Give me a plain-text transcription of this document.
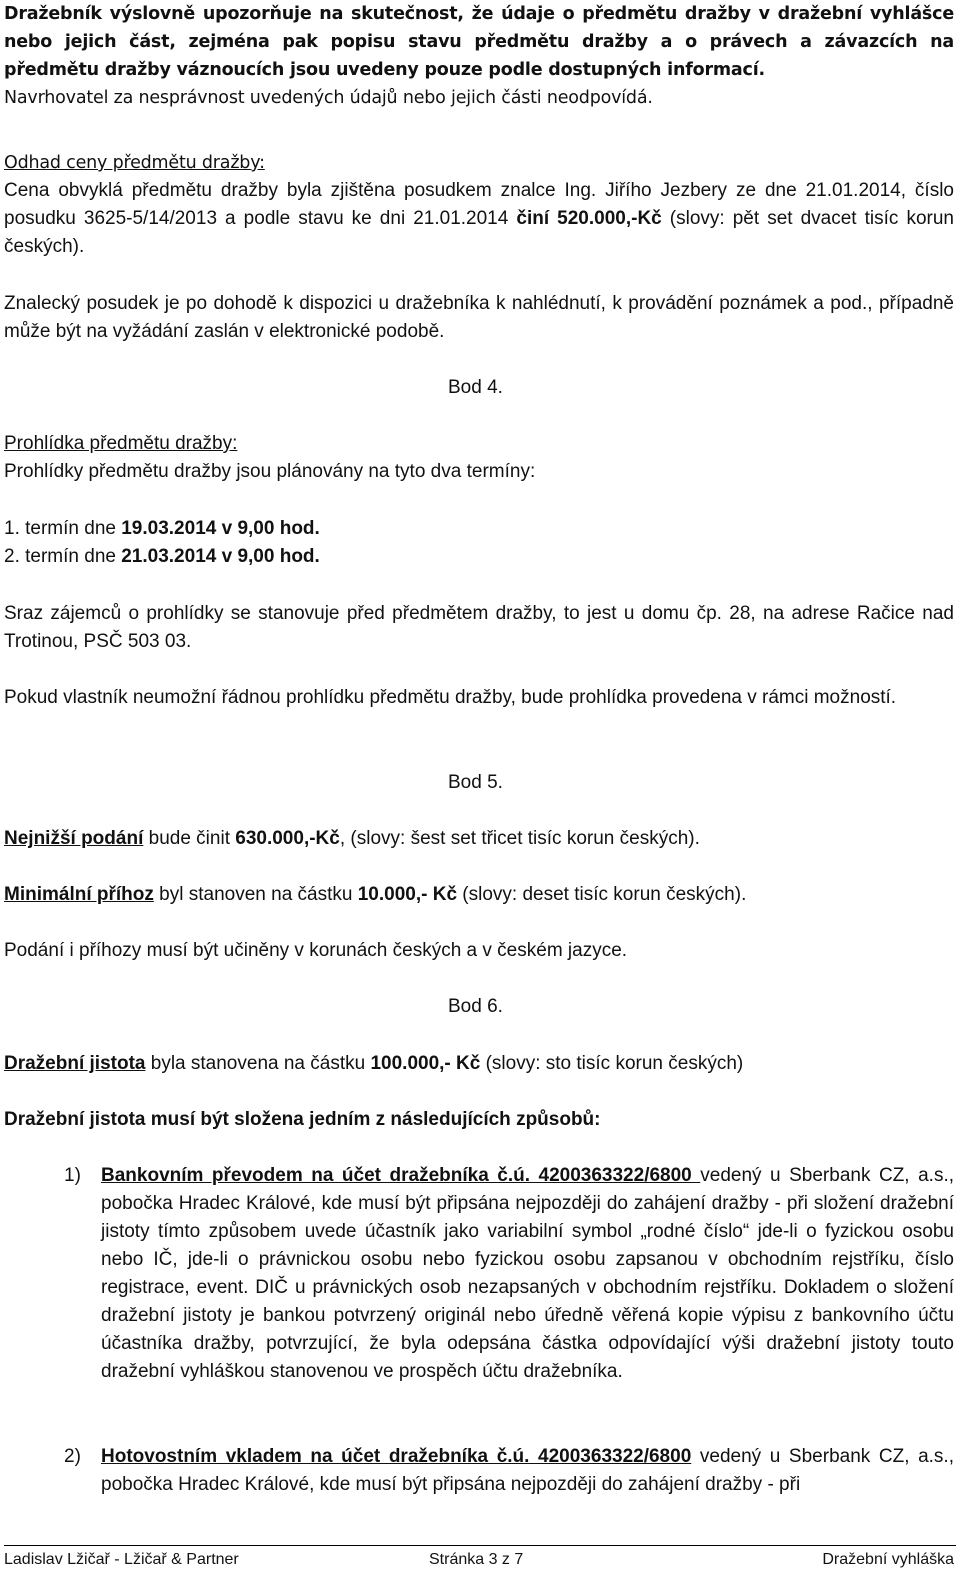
Dražebník výslovně upozorňuje na skutečnost, že údaje o předmětu dražby v dražební vyhlášce nebo jejich část, zejména pak popisu stavu předmětu dražby a o právech a závazcích na předmětu dražby váznoucích jsou uvedeny pouze podle dostupných informací.

Navrhovatel za nesprávnost uvedených údajů nebo jejich části neodpovídá.

Odhad ceny předmětu dražby:

Cena obvyklá předmětu dražby byla zjištěna posudkem znalce Ing. Jiřího Jezbery ze dne 21.01.2014, číslo posudku 3625-5/14/2013 a podle stavu ke dni 21.01.2014 činí 520.000,-Kč (slovy: pět set dvacet tisíc korun českých).

Znalecký posudek je po dohodě k dispozici u dražebníka k nahlédnutí, k provádění poznámek a pod., případně může být na vyžádání zaslán v elektronické podobě.

Bod 4.

Prohlídka předmětu dražby:

Prohlídky předmětu dražby jsou plánovány na tyto dva termíny:

1. termín dne 19.03.2014 v 9,00 hod.

2. termín dne 21.03.2014 v 9,00 hod.

Sraz zájemců o prohlídky se stanovuje před předmětem dražby, to jest u domu čp. 28, na adrese Račice nad Trotinou, PSČ 503 03.

Pokud vlastník neumožní řádnou prohlídku předmětu dražby, bude prohlídka provedena v rámci možností.

Bod 5.

Nejnižší podání bude činit 630.000,-Kč, (slovy: šest set třicet tisíc korun českých).

Minimální příhoz byl stanoven na částku 10.000,- Kč (slovy: deset tisíc korun českých).

Podání i příhozy musí být učiněny v korunách českých a v českém jazyce.

Bod 6.

Dražební jistota byla stanovena na částku 100.000,- Kč (slovy: sto tisíc korun českých)

Dražební jistota musí být složena jedním z následujících způsobů:

1) Bankovním převodem na účet dražebníka č.ú. 4200363322/6800 vedený u Sberbank CZ, a.s., pobočka Hradec Králové, kde musí být připsána nejpozději do zahájení dražby - při složení dražební jistoty tímto způsobem uvede účastník jako variabilní symbol „rodné číslo“ jde-li o fyzickou osobu nebo IČ, jde-li o právnickou osobu nebo fyzickou osobu zapsanou v obchodním rejstříku, číslo registrace, event. DIČ u právnických osob nezapsaných v obchodním rejstříku. Dokladem o složení dražební jistoty je bankou potvrzený originál nebo úředně věřená kopie výpisu z bankovního účtu účastníka dražby, potvrzující, že byla odepsána částka odpovídající výši dražební jistoty touto dražební vyhláškou stanovenou ve prospěch účtu dražebníka.

2) Hotovostním vkladem na účet dražebníka č.ú. 4200363322/6800 vedený u Sberbank CZ, a.s., pobočka Hradec Králové, kde musí být připsána nejpozději do zahájení dražby - při

Ladislav Lžičař - Lžičař & Partner	Stránka 3 z 7	Dražební vyhláška
